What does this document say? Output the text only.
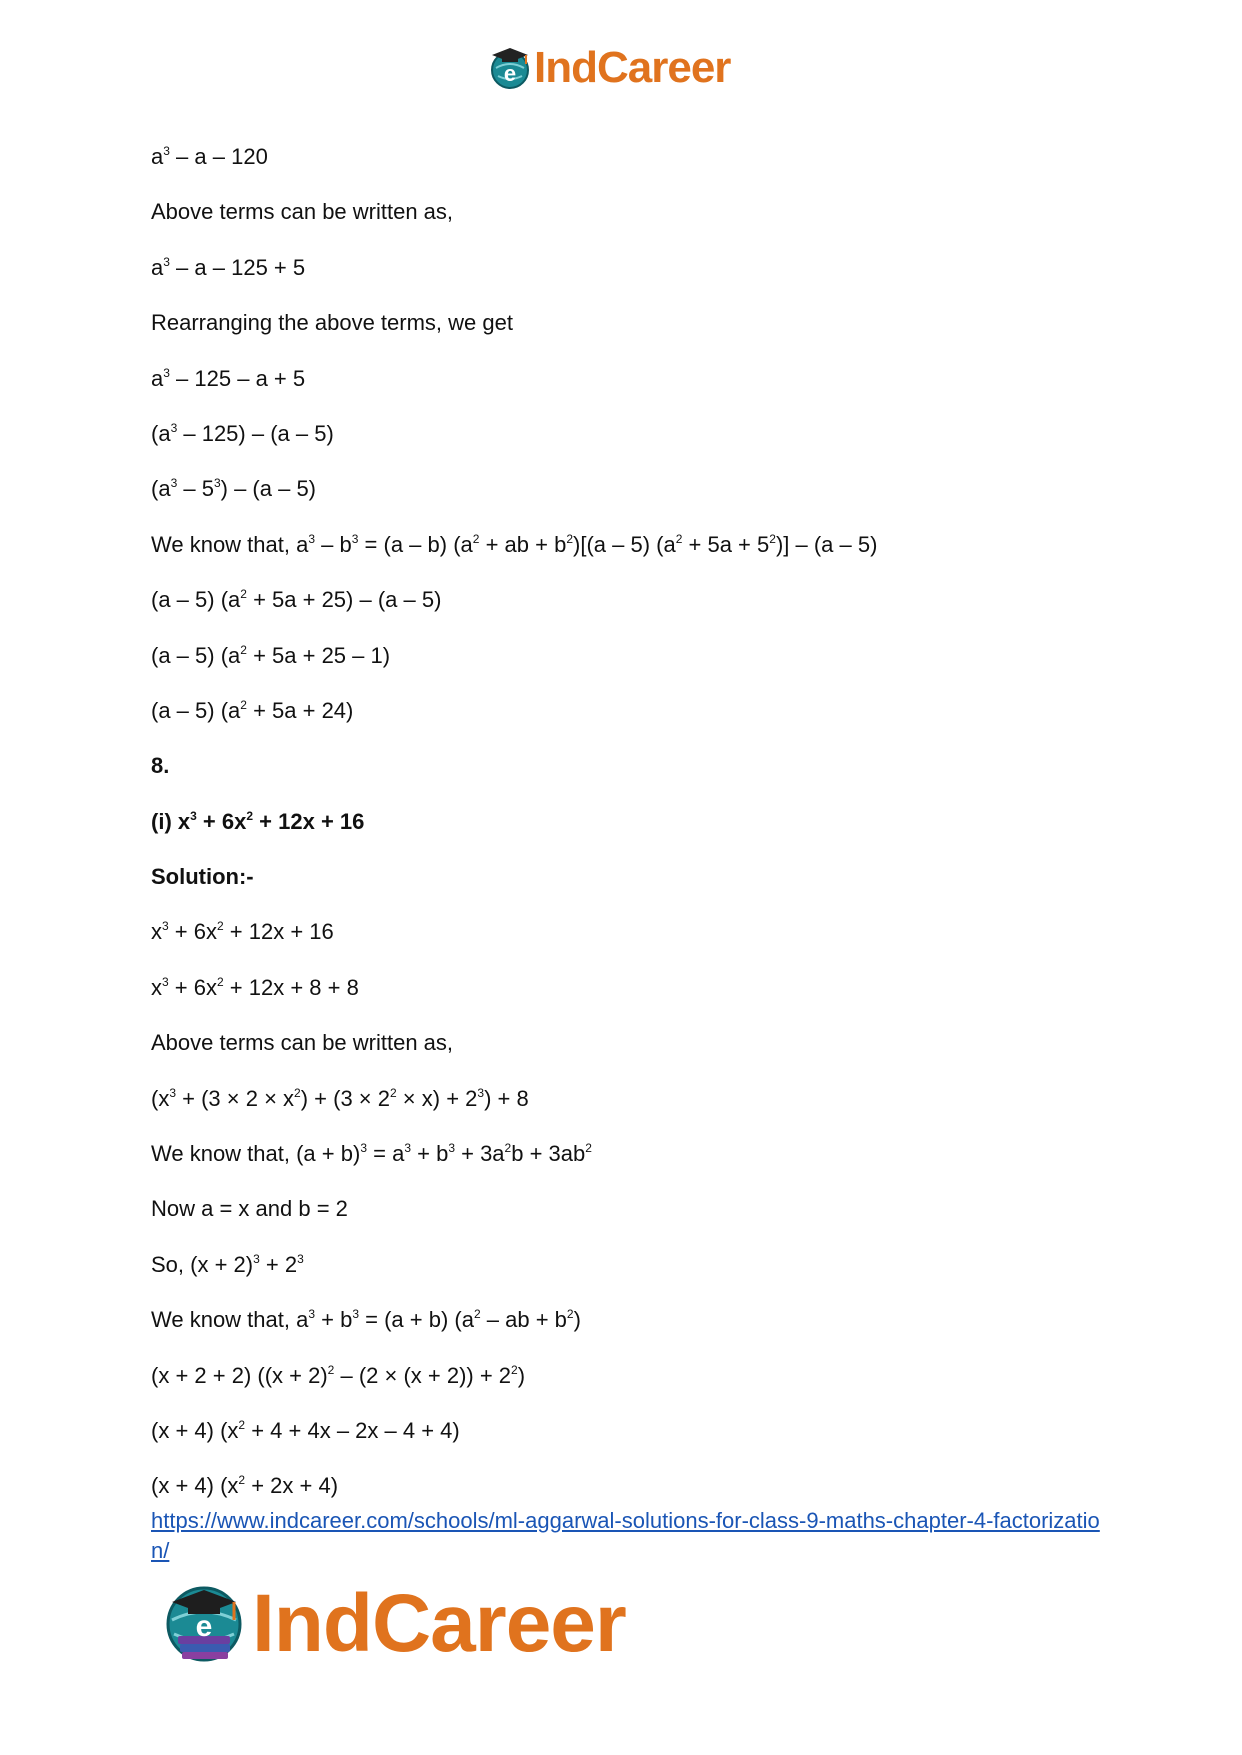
e IndCareer
$a^3$ – a – 120
Above terms can be written as,
$a^3 - a - 125 + 5$
Rearranging the above terms, we get
$a^3 - 125 - a + 5$
$(a^3 - 125) - (a - 5)$
$(a^3 - 5^3) - (a - 5)$
We know that, $a^3 - b^3 = (a - b) (a^2$ + ab + $b^2)[(a - 5)$ $(a^2 + 5a + 5^2)] - (a - 5)$
(a – 5) $(a^2 + 5a + 25) - (a - 5)$
(a – 5) $(a^2 + 5a + 25 - 1)$
(a – 5) $(a^2 + 5a + 24)$
8.
(i) $x^3 + 6x^2 + 12x + 16$
Solution:-
$x^3 + 6x^2 + 12x + 16$
$x^3 + 6x^2 + 12x + 8 + 8$
Above terms can be written as,
$(x^3 + (3 \times 2 \times x^2) + (3 \times 2^2 \times x) + 2^3) + 8$
We know that, $(a + b)^3 = a^3 + b^3 + 3a^2b + 3ab^2$
Now a = x and b = 2
So, $(x + 2)^3 + 2^3$
We know that, $a^3 + b^3 = (a + b)$ ($a^2$ – ab + $b^2$)
(x + 2 + 2) $((x + 2)^2 - (2 \times (x + 2)) + 2^2)$
(x + 4) $(x^2 + 4 + 4x - 2x - 4 + 4)$
(x + 4) $(x^2 + 2x + 4)$
https://www.indcareer.com/schools/ml-aggarwal-solutions-for-class-9-maths-chapter-4-factorization/
e IndCareer
